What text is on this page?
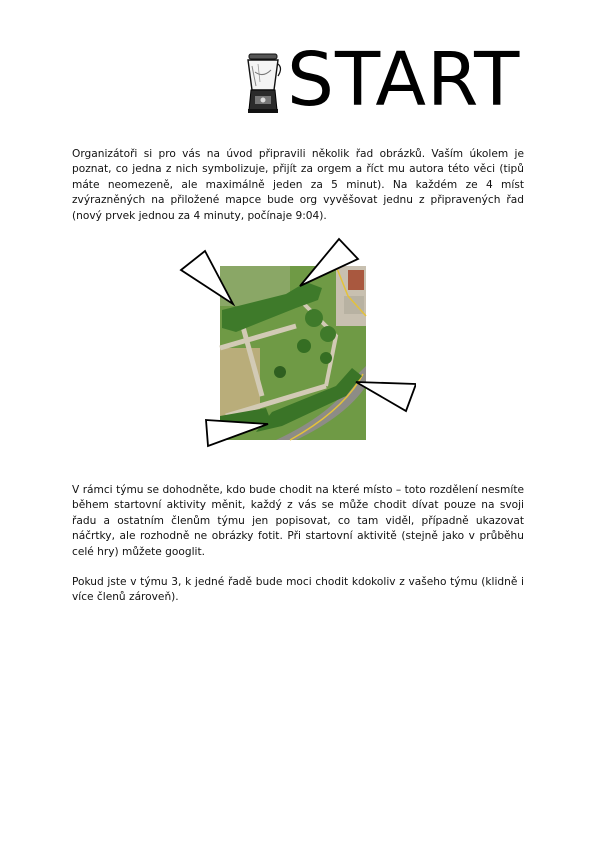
START

Organizátoři si pro vás na úvod připravili několik řad obrázků. Vaším úkolem je poznat, co jedna z nich symbolizuje, přijít za orgem a říct mu autora této věci (tipů máte neomezeně, ale maximálně jeden za 5 minut). Na každém ze 4 míst zvýrazněných na přiložené mapce bude org vyvěšovat jednu z připravených řad (nový prvek jednou za 4 minuty, počínaje 9:04).

V rámci týmu se dohodněte, kdo bude chodit na které místo – toto rozdělení nesmíte během startovní aktivity měnit, každý z vás se může chodit dívat pouze na svoji řadu a ostatním členům týmu jen popisovat, co tam viděl, případně ukazovat náčrtky, ale rozhodně ne obrázky fotit. Při startovní aktivitě (stejně jako v průběhu celé hry) můžete googlit.

Pokud jste v týmu 3, k jedné řadě bude moci chodit kdokoliv z vašeho týmu (klidně i více členů zároveň).
